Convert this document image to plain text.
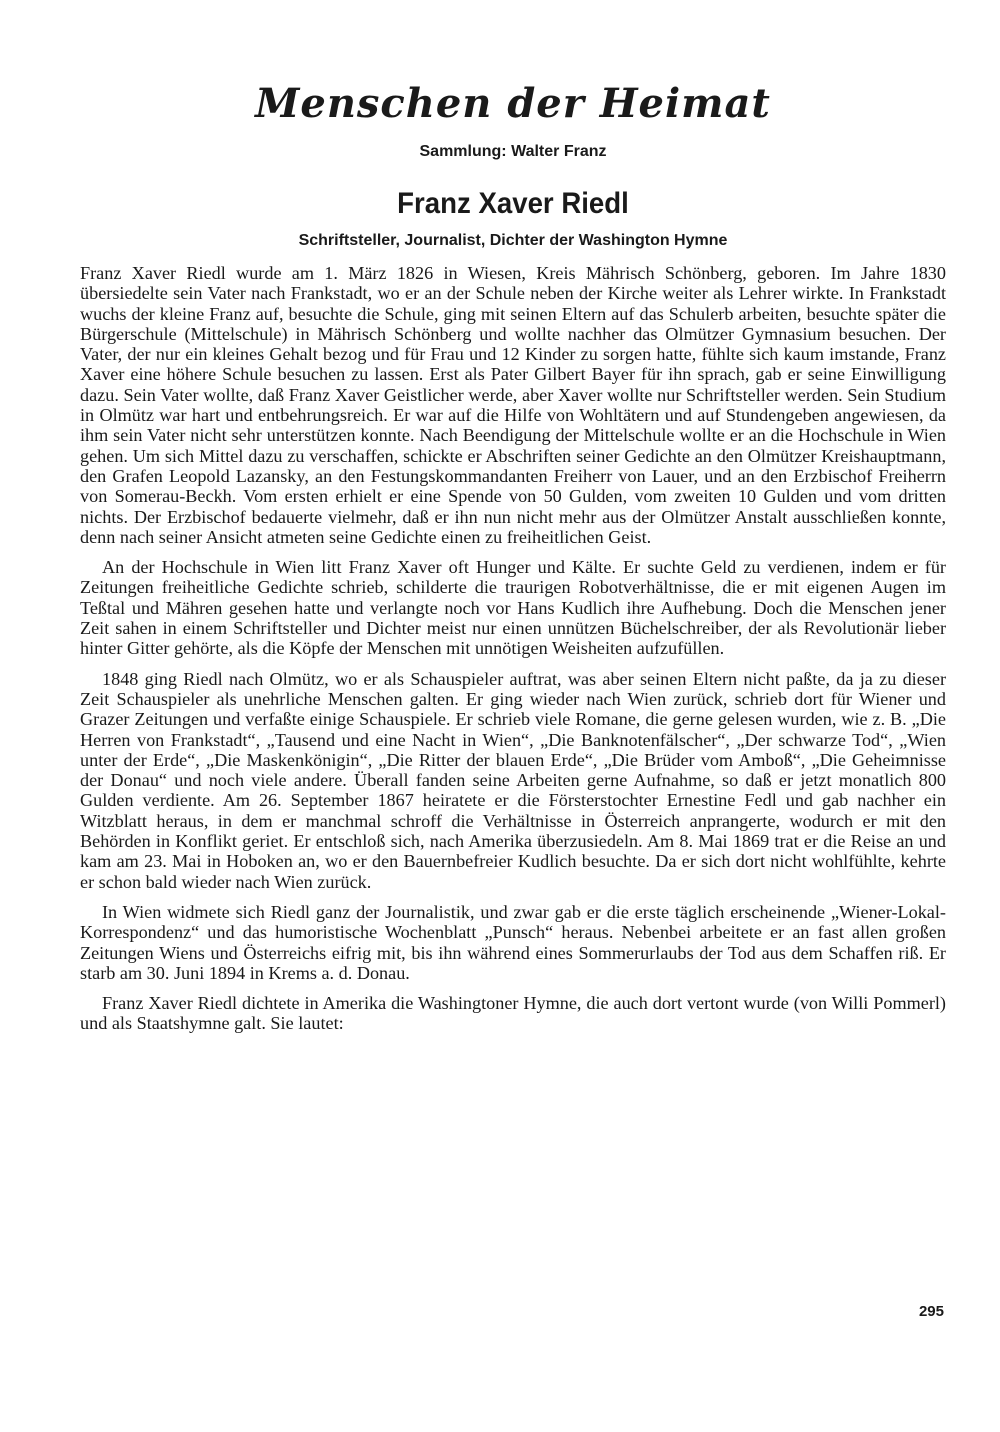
Menschen der Heimat

Sammlung: Walter Franz

Franz Xaver Riedl

Schriftsteller, Journalist, Dichter der Washington Hymne

Franz Xaver Riedl wurde am 1. März 1826 in Wiesen, Kreis Mährisch Schönberg, geboren. Im Jahre 1830 übersiedelte sein Vater nach Frankstadt, wo er an der Schule neben der Kirche weiter als Lehrer wirkte. In Frankstadt wuchs der kleine Franz auf, besuchte die Schule, ging mit seinen Eltern auf das Schulerb arbeiten, besuchte später die Bürgerschule (Mittelschule) in Mährisch Schönberg und wollte nachher das Olmützer Gymnasium besuchen. Der Vater, der nur ein kleines Gehalt bezog und für Frau und 12 Kinder zu sorgen hatte, fühlte sich kaum imstande, Franz Xaver eine höhere Schule besuchen zu lassen. Erst als Pater Gilbert Bayer für ihn sprach, gab er seine Einwilligung dazu. Sein Vater wollte, daß Franz Xaver Geistlicher werde, aber Xaver wollte nur Schriftsteller werden. Sein Studium in Olmütz war hart und entbehrungsreich. Er war auf die Hilfe von Wohltätern und auf Stundengeben angewiesen, da ihm sein Vater nicht sehr unterstützen konnte. Nach Beendigung der Mittelschule wollte er an die Hochschule in Wien gehen. Um sich Mittel dazu zu verschaffen, schickte er Abschriften seiner Gedichte an den Olmützer Kreishauptmann, den Grafen Leopold Lazansky, an den Festungskommandanten Freiherr von Lauer, und an den Erzbischof Freiherrn von Somerau-Beckh. Vom ersten erhielt er eine Spende von 50 Gulden, vom zweiten 10 Gulden und vom dritten nichts. Der Erzbischof bedauerte vielmehr, daß er ihn nun nicht mehr aus der Olmützer Anstalt ausschließen konnte, denn nach seiner Ansicht atmeten seine Gedichte einen zu freiheitlichen Geist.

An der Hochschule in Wien litt Franz Xaver oft Hunger und Kälte. Er suchte Geld zu verdienen, indem er für Zeitungen freiheitliche Gedichte schrieb, schilderte die traurigen Robotverhältnisse, die er mit eigenen Augen im Teßtal und Mähren gesehen hatte und verlangte noch vor Hans Kudlich ihre Aufhebung. Doch die Menschen jener Zeit sahen in einem Schriftsteller und Dichter meist nur einen unnützen Büchelschreiber, der als Revolutionär lieber hinter Gitter gehörte, als die Köpfe der Menschen mit unnötigen Weisheiten aufzufüllen.

1848 ging Riedl nach Olmütz, wo er als Schauspieler auftrat, was aber seinen Eltern nicht paßte, da ja zu dieser Zeit Schauspieler als unehrliche Menschen galten. Er ging wieder nach Wien zurück, schrieb dort für Wiener und Grazer Zeitungen und verfaßte einige Schauspiele. Er schrieb viele Romane, die gerne gelesen wurden, wie z. B. „Die Herren von Frankstadt“, „Tausend und eine Nacht in Wien“, „Die Banknotenfälscher“, „Der schwarze Tod“, „Wien unter der Erde“, „Die Maskenkönigin“, „Die Ritter der blauen Erde“, „Die Brüder vom Amboß“, „Die Geheimnisse der Donau“ und noch viele andere. Überall fanden seine Arbeiten gerne Aufnahme, so daß er jetzt monatlich 800 Gulden verdiente. Am 26. September 1867 heiratete er die Försterstochter Ernestine Fedl und gab nachher ein Witzblatt heraus, in dem er manchmal schroff die Verhältnisse in Österreich anprangerte, wodurch er mit den Behörden in Konflikt geriet. Er entschloß sich, nach Amerika überzusiedeln. Am 8. Mai 1869 trat er die Reise an und kam am 23. Mai in Hoboken an, wo er den Bauernbefreier Kudlich besuchte. Da er sich dort nicht wohlfühlte, kehrte er schon bald wieder nach Wien zurück.

In Wien widmete sich Riedl ganz der Journalistik, und zwar gab er die erste täglich erscheinende „Wiener-Lokal-Korrespondenz“ und das humoristische Wochenblatt „Punsch“ heraus. Nebenbei arbeitete er an fast allen großen Zeitungen Wiens und Österreichs eifrig mit, bis ihn während eines Sommerurlaubs der Tod aus dem Schaffen riß. Er starb am 30. Juni 1894 in Krems a. d. Donau.

Franz Xaver Riedl dichtete in Amerika die Washingtoner Hymne, die auch dort vertont wurde (von Willi Pommerl) und als Staatshymne galt. Sie lautet:

295
